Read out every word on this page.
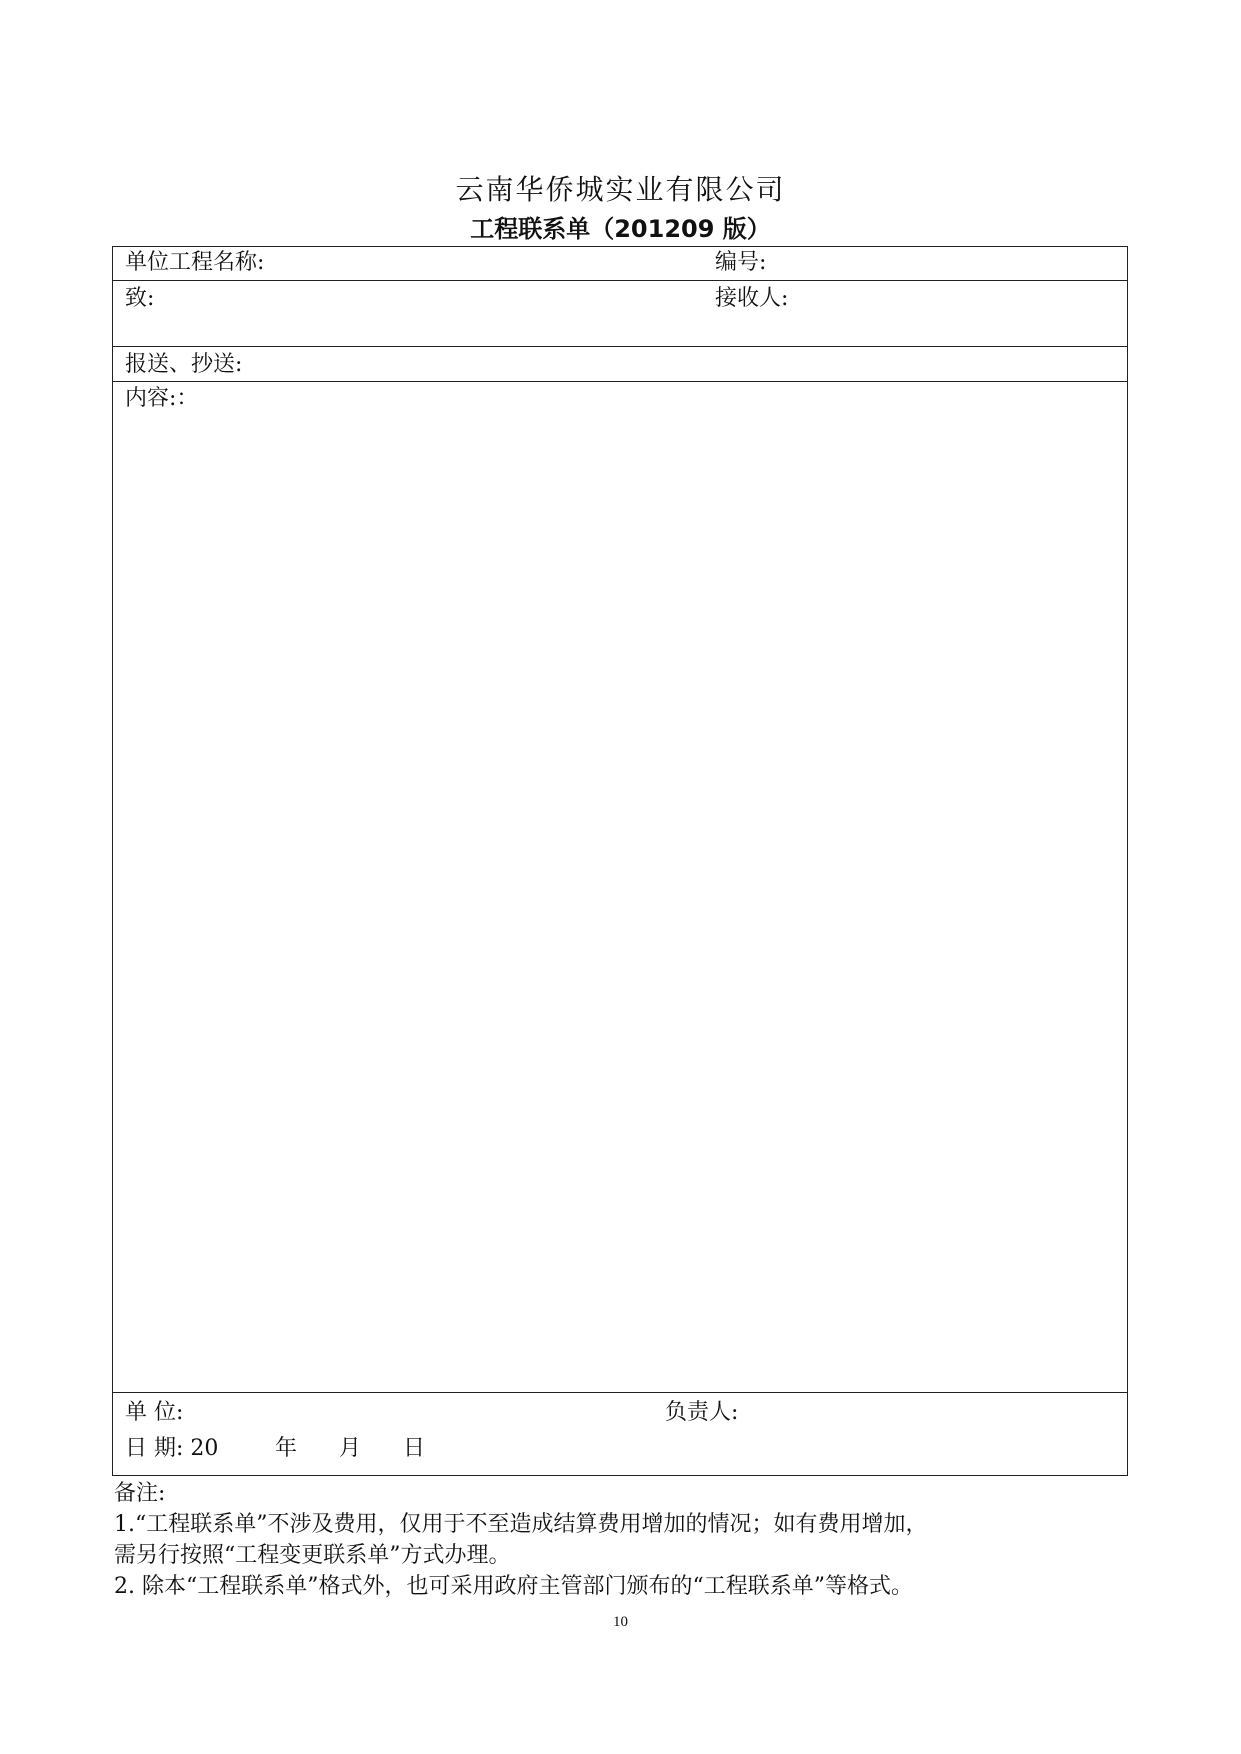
云南华侨城实业有限公司
工程联系单（201209 版）
单位工程名称:	编号:
致:	接收人:
报送、抄送:
内容:：
单 位:	负责人:
日 期: 20	年 月 日
备注:
1.“工程联系单”不涉及费用，仅用于不至造成结算费用增加的情况；如有费用增加，
需另行按照“工程变更联系单”方式办理。
2. 除本“工程联系单”格式外，也可采用政府主管部门颁布的“工程联系单”等格式。
10
